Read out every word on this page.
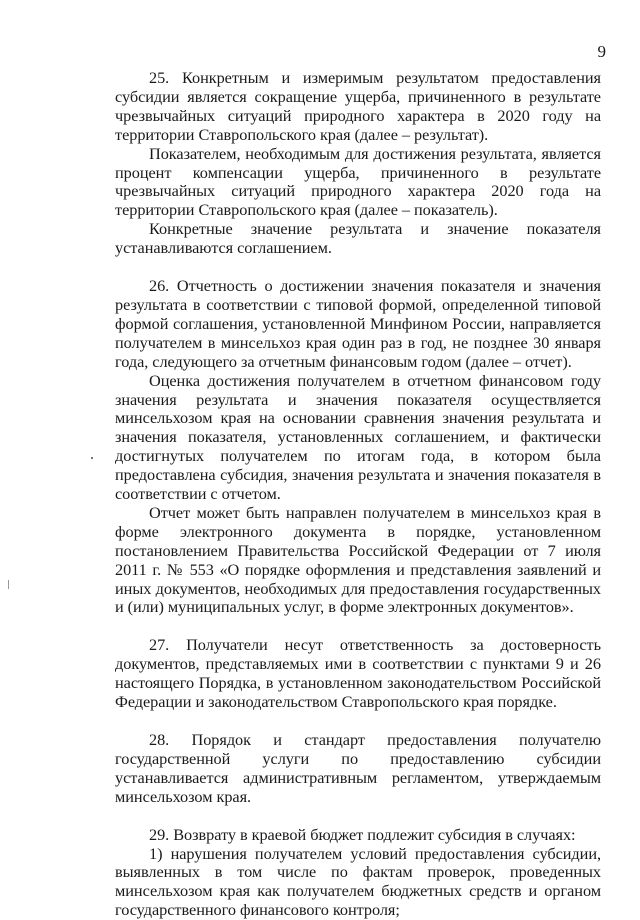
9

25. Конкретным и измеримым результатом предоставления субсидии является сокращение ущерба, причиненного в результате чрезвычайных ситуаций природного характера в 2020 году на территории Ставропольского края (далее – результат).

Показателем, необходимым для достижения результата, является процент компенсации ущерба, причиненного в результате чрезвычайных ситуаций природного характера 2020 года на территории Ставропольского края (далее – показатель).

Конкретные значение результата и значение показателя устанавливаются соглашением.

26. Отчетность о достижении значения показателя и значения результата в соответствии с типовой формой, определенной типовой формой соглашения, установленной Минфином России, направляется получателем в минсельхоз края один раз в год, не позднее 30 января года, следующего за отчетным финансовым годом (далее – отчет).

Оценка достижения получателем в отчетном финансовом году значения результата и значения показателя осуществляется минсельхозом края на основании сравнения значения результата и значения показателя, установленных соглашением, и фактически достигнутых получателем по итогам года, в котором была предоставлена субсидия, значения результата и значения показателя в соответствии с отчетом.

Отчет может быть направлен получателем в минсельхоз края в форме электронного документа в порядке, установленном постановлением Правительства Российской Федерации от 7 июля 2011 г. № 553 «О порядке оформления и представления заявлений и иных документов, необходимых для предоставления государственных и (или) муниципальных услуг, в форме электронных документов».

27. Получатели несут ответственность за достоверность документов, представляемых ими в соответствии с пунктами 9 и 26 настоящего Порядка, в установленном законодательством Российской Федерации и законодательством Ставропольского края порядке.

28. Порядок и стандарт предоставления получателю государственной услуги по предоставлению субсидии устанавливается административным регламентом, утверждаемым минсельхозом края.

29. Возврату в краевой бюджет подлежит субсидия в случаях:

1) нарушения получателем условий предоставления субсидии, выявленных в том числе по фактам проверок, проведенных минсельхозом края как получателем бюджетных средств и органом государственного финансового контроля;
